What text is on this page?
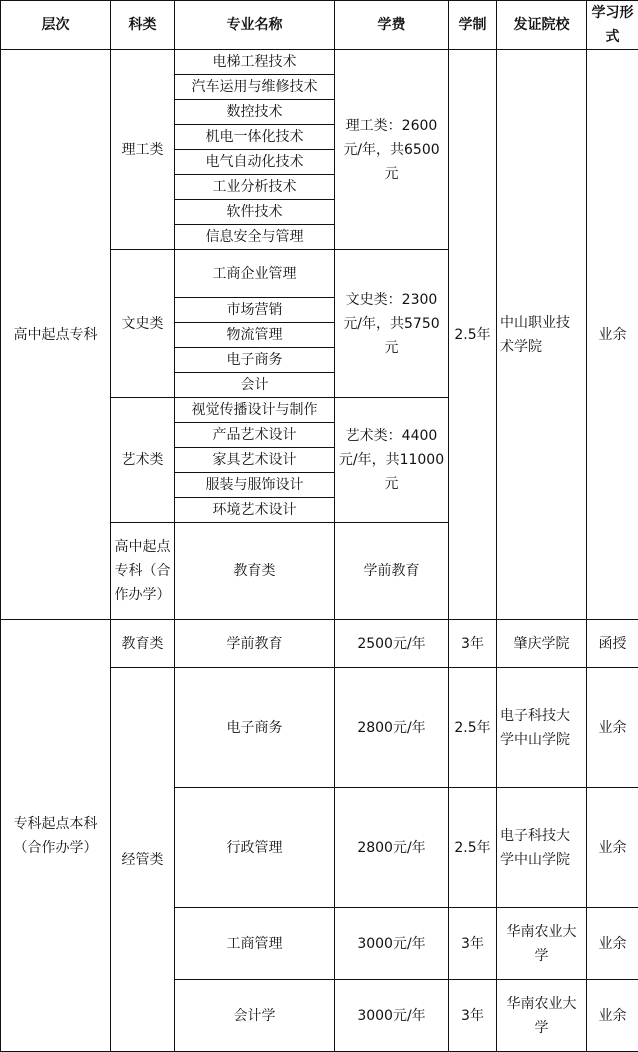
层次	科类	专业名称	学费	学制	发证院校	学习形式	
高中起点专科	理工类	电梯工程技术	理工类：2600元/年，共6500元	2.5年	中山职业技术学院	业余	
		汽车运用与维修技术					
		数控技术					
		机电一体化技术					
		电气自动化技术					
		工业分析技术					
		软件技术					
		信息安全与管理					
	文史类	工商企业管理	文史类：2300元/年，共5750元				
		市场营销					
		物流管理					
		电子商务					
		会计					
	艺术类	视觉传播设计与制作	艺术类：4400元/年，共11000元				
		产品艺术设计					
		家具艺术设计					
		服装与服饰设计					
		环境艺术设计					
	高中起点专科（合作办学）	教育类	学前教育				
专科起点本科（合作办学）	教育类	学前教育	2500元/年	3年	肇庆学院	函授	
	经管类	电子商务	2800元/年	2.5年	电子科技大学中山学院	业余	
		行政管理	2800元/年	2.5年	电子科技大学中山学院	业余	
		工商管理	3000元/年	3年	华南农业大学	业余	
		会计学	3000元/年	3年	华南农业大学	业余	
